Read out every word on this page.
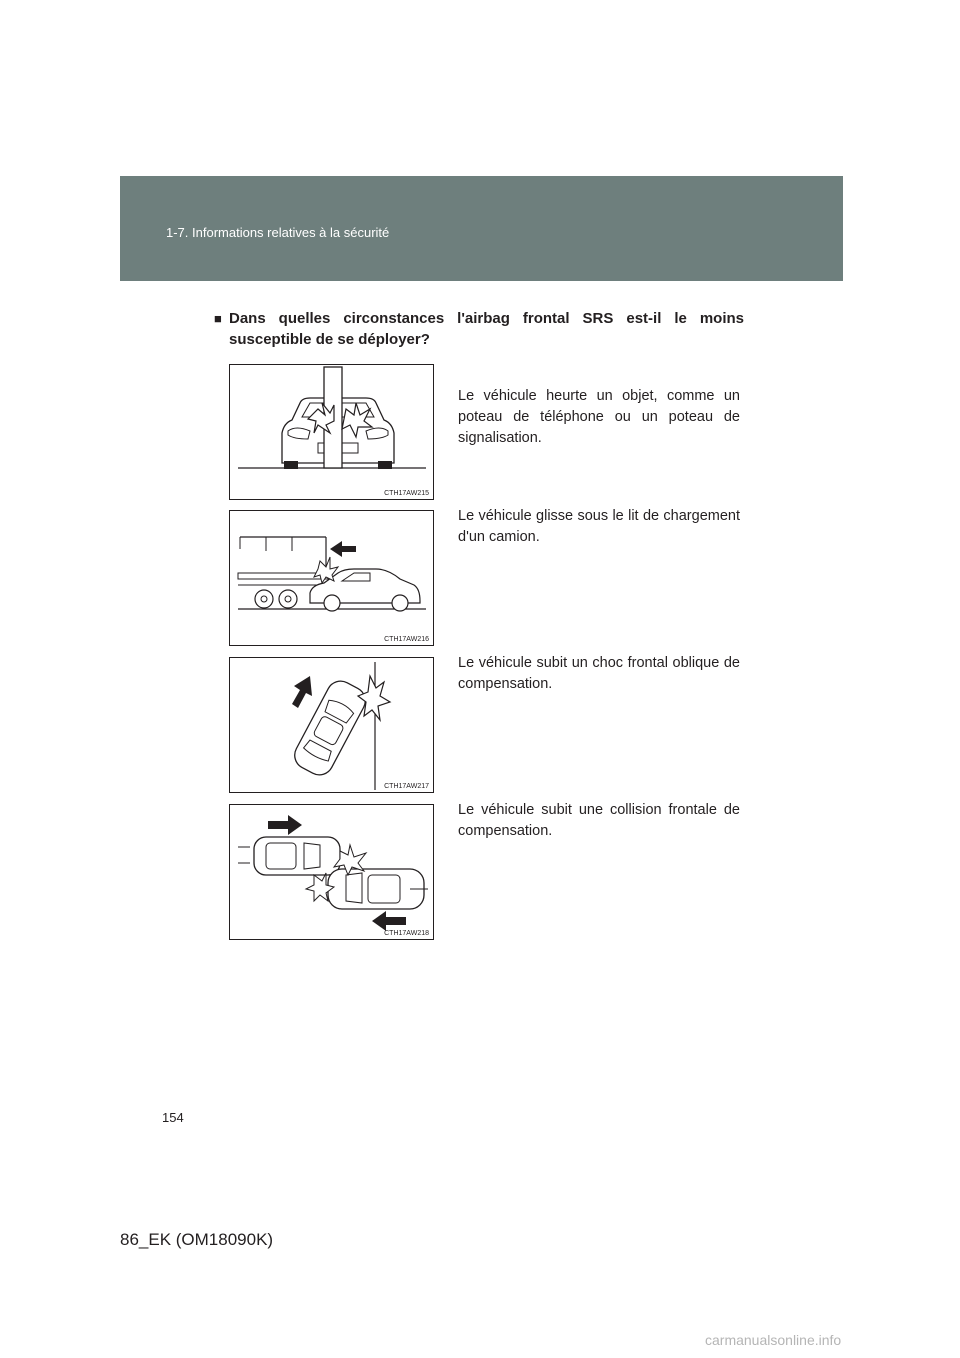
1-7. Informations relatives à la sécurité
■ Dans quelles circonstances l'airbag frontal SRS est-il le moins susceptible de se déployer?
CTH17AW215
CTH17AW216
CTH17AW217
CTH17AW218
Le véhicule heurte un objet, comme un poteau de téléphone ou un poteau de signalisation.
Le véhicule glisse sous le lit de chargement d'un camion.
Le véhicule subit un choc frontal oblique de compensation.
Le véhicule subit une collision frontale de compensation.
154
86_EK (OM18090K)
carmanualsonline.info
